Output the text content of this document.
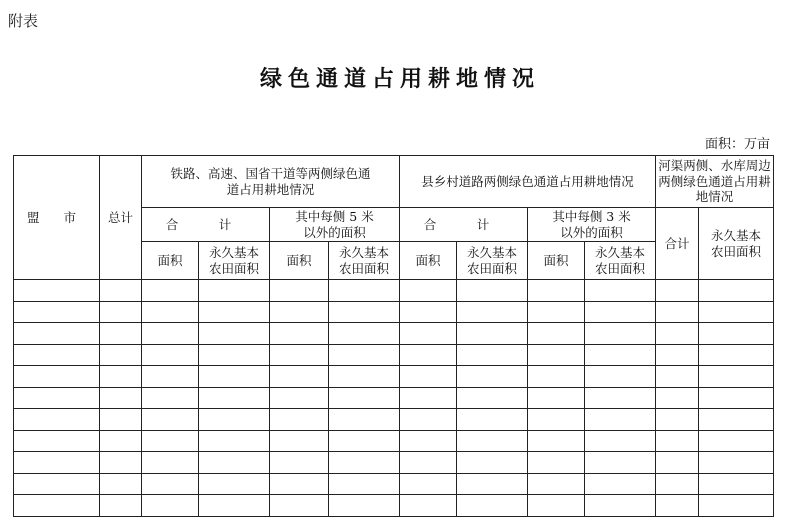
附表
绿色通道占用耕地情况
面积：万亩
盟 市	总计	铁路、高速、国省干道等两侧绿色通道占用耕地情况				县乡村道路两侧绿色通道占用耕地情况				河渠两侧、水库周边两侧绿色通道占用耕地情况	
		合　计		其中每侧 5 米以外的面积		合　计		其中每侧 3 米以外的面积		合计	永久基本农田面积
		面积	永久基本农田面积	面积	永久基本农田面积	面积	永久基本农田面积	面积	永久基本农田面积		
